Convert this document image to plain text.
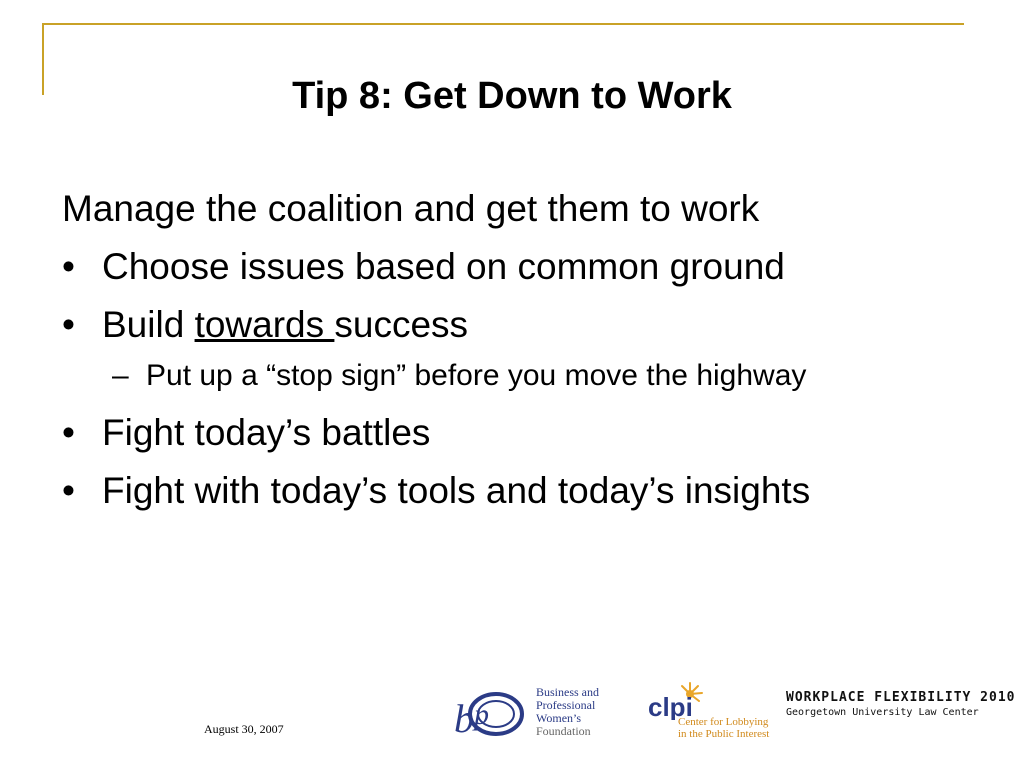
Tip 8: Get Down to Work
Manage the coalition and get them to work
• Choose issues based on common ground
• Build towards success
– Put up a “stop sign” before you move the highway
• Fight today’s battles
• Fight with today’s tools and today’s insights
August 30, 2007	b p
Business and
Professional
Women’s
Foundation
clpi
Center for Lobbying
in the Public Interest
WORKPLACE FLEXIBILITY 2010
Georgetown University Law Center
